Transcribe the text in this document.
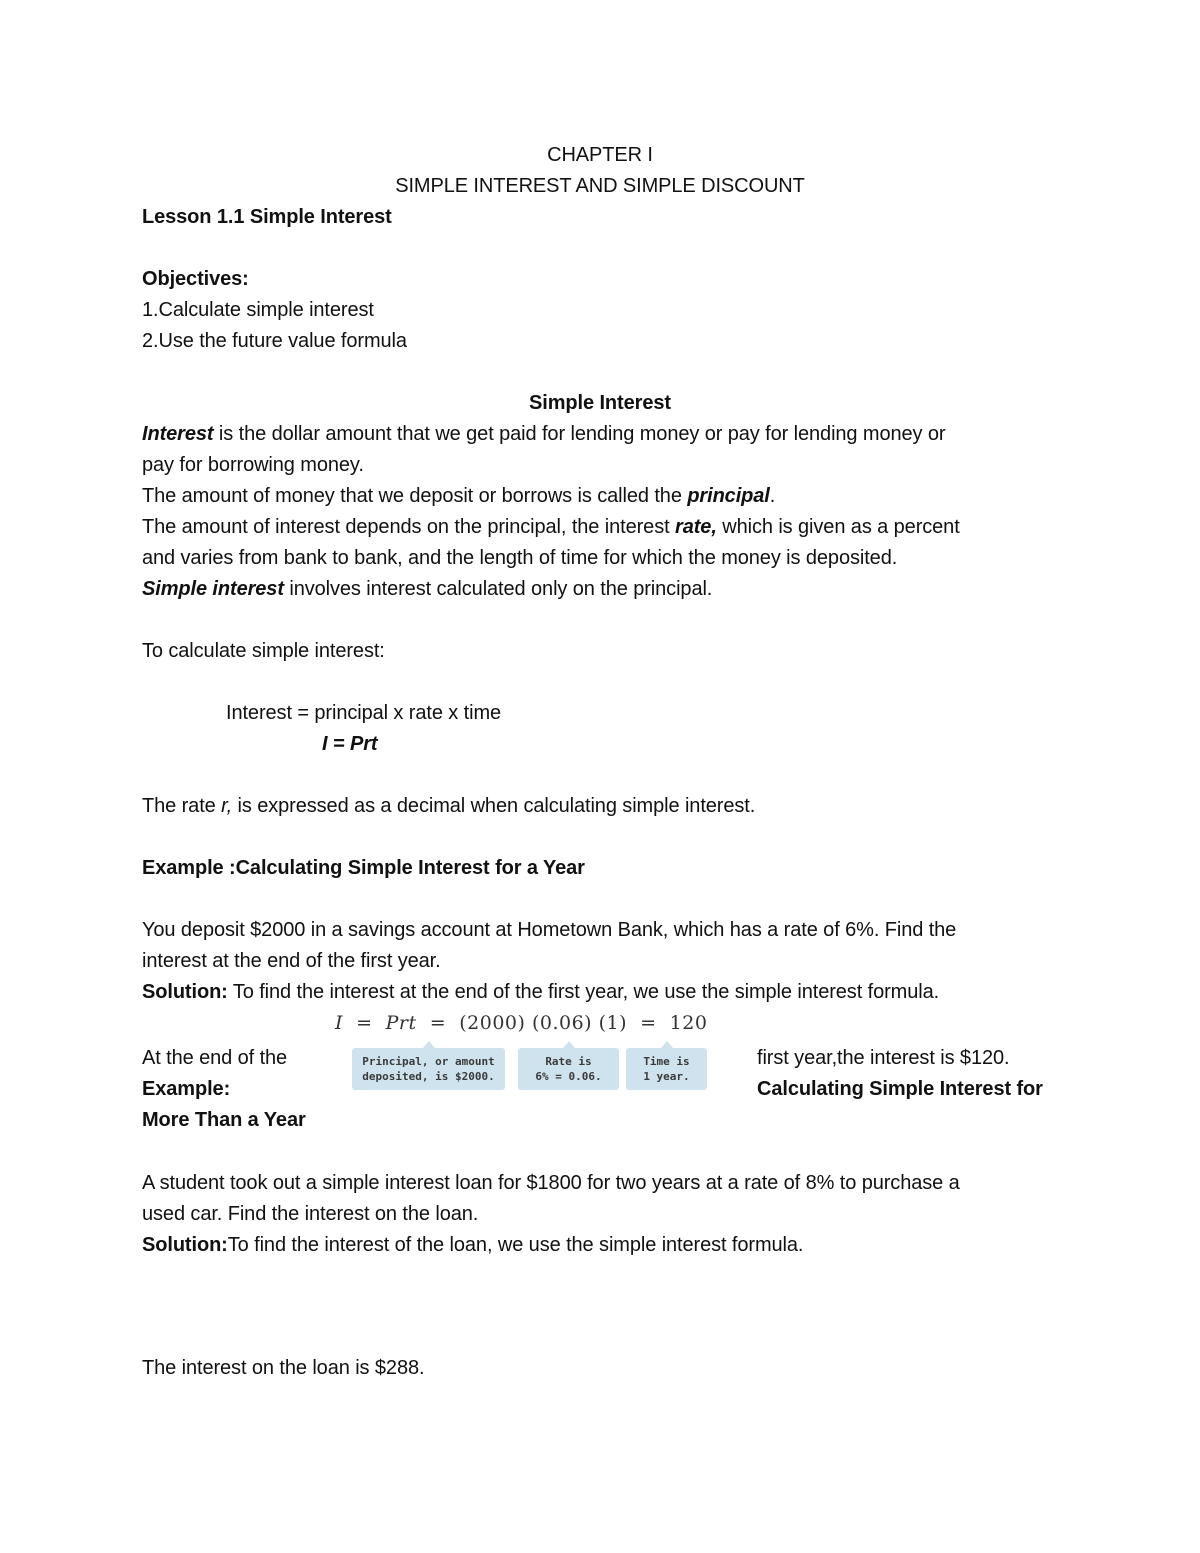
CHAPTER I
SIMPLE INTEREST AND SIMPLE DISCOUNT
Lesson 1.1 Simple Interest
Objectives:
1.Calculate simple interest
2.Use the future value formula
Simple Interest
Interest is the dollar amount that we get paid for lending money or pay for lending money or
pay for borrowing money.
The amount of money that we deposit or borrows is called the principal.
The amount of interest depends on the principal, the interest rate, which is given as a percent
and varies from bank to bank, and the length of time for which the money is deposited.
Simple interest involves interest calculated only on the principal.
To calculate simple interest:
Interest = principal x rate x time
I = Prt
The rate r, is expressed as a decimal when calculating simple interest.
Example :Calculating Simple Interest for a Year
You deposit $2000 in a savings account at Hometown Bank, which has a rate of 6%. Find the
interest at the end of the first year.
Solution: To find the interest at the end of the first year, we use the simple interest formula.
I = Prt = (2000) (0.06) (1) = 120
Principal, or amount
deposited, is $2000.
Rate is
6% = 0.06.
Time is
1 year.
At the end of the	first year,the interest is $120.
Example:	Calculating Simple Interest for
More Than a Year
A student took out a simple interest loan for $1800 for two years at a rate of 8% to purchase a
used car. Find the interest on the loan.
Solution:To find the interest of the loan, we use the simple interest formula.
The interest on the loan is $288.
